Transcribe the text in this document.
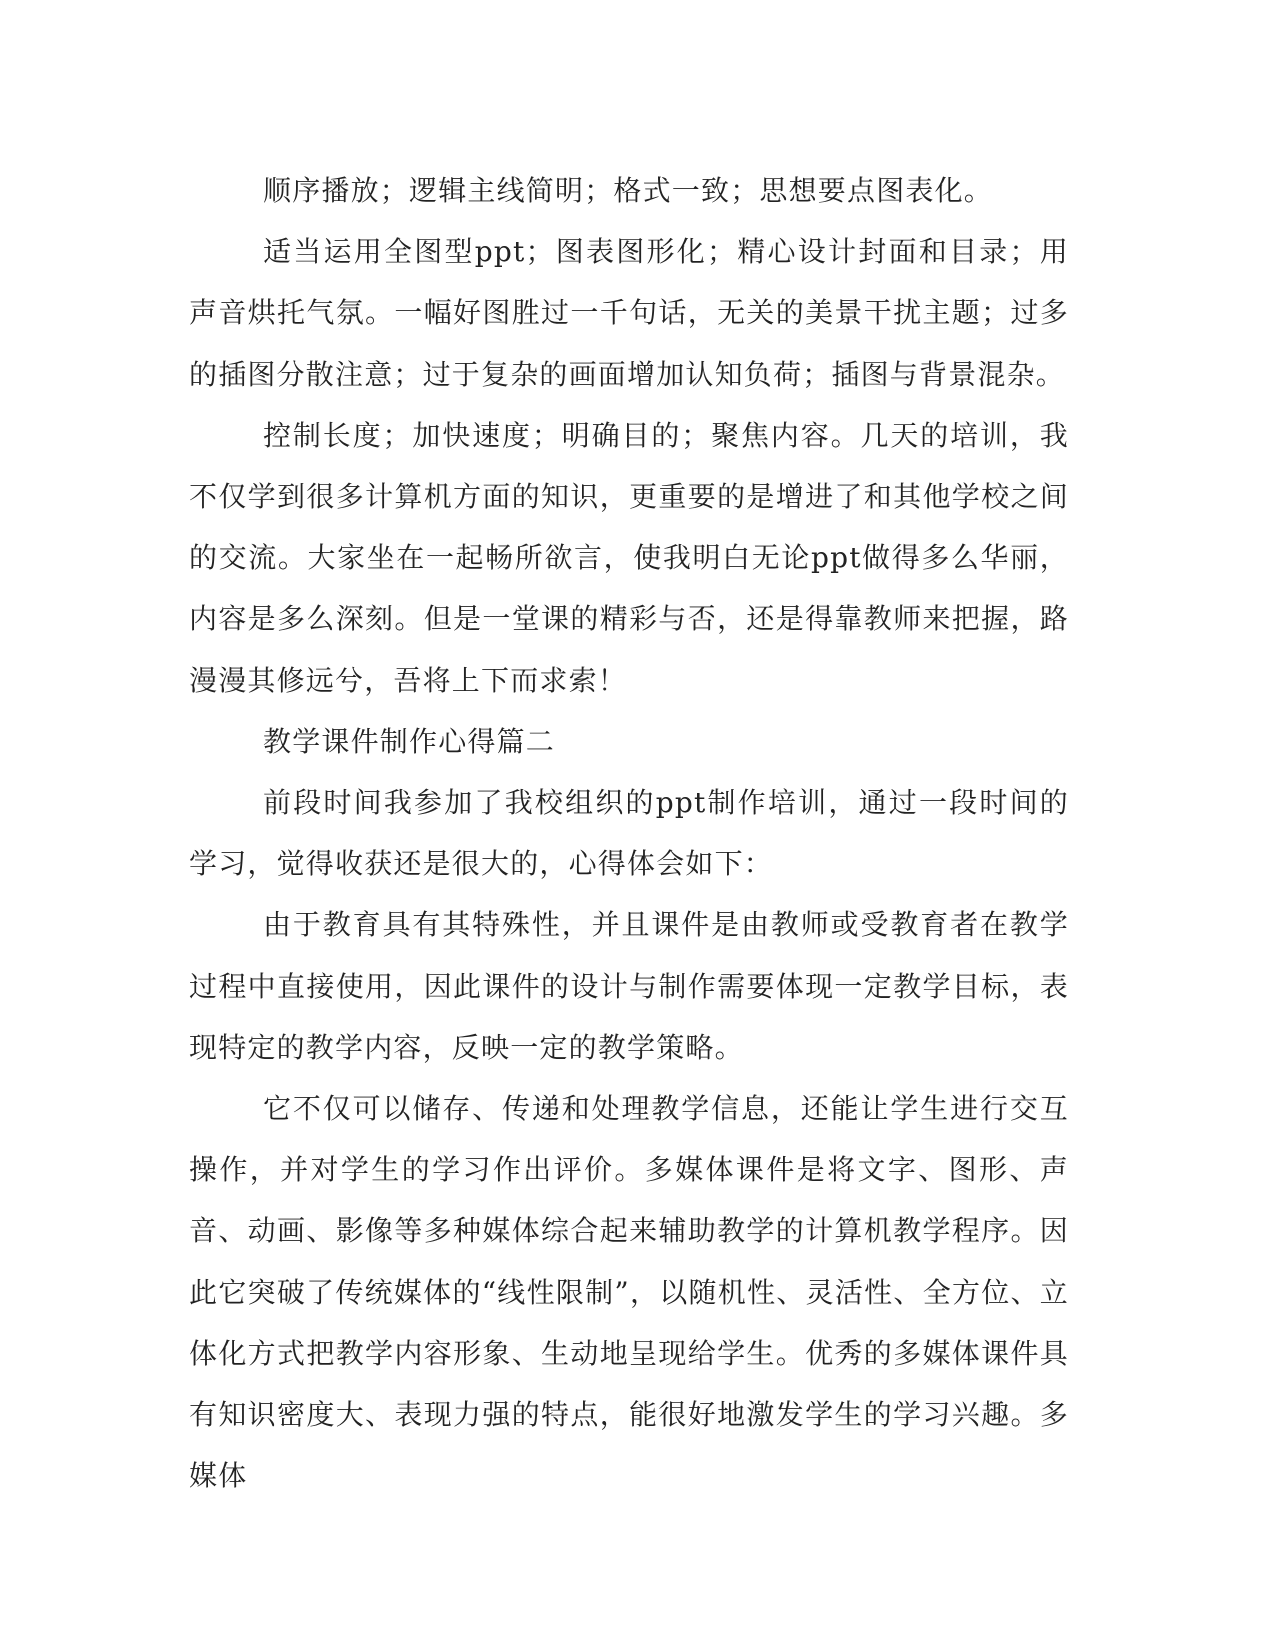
顺序播放；逻辑主线简明；格式一致；思想要点图表化。

适当运用全图型ppt；图表图形化；精心设计封面和目录；用声音烘托气氛。一幅好图胜过一千句话，无关的美景干扰主题；过多的插图分散注意；过于复杂的画面增加认知负荷；插图与背景混杂。

控制长度；加快速度；明确目的；聚焦内容。几天的培训，我不仅学到很多计算机方面的知识，更重要的是增进了和其他学校之间的交流。大家坐在一起畅所欲言，使我明白无论ppt做得多么华丽，内容是多么深刻。但是一堂课的精彩与否，还是得靠教师来把握，路漫漫其修远兮，吾将上下而求索！

教学课件制作心得篇二

前段时间我参加了我校组织的ppt制作培训，通过一段时间的学习，觉得收获还是很大的，心得体会如下：

由于教育具有其特殊性，并且课件是由教师或受教育者在教学过程中直接使用，因此课件的设计与制作需要体现一定教学目标，表现特定的教学内容，反映一定的教学策略。

它不仅可以储存、传递和处理教学信息，还能让学生进行交互操作，并对学生的学习作出评价。多媒体课件是将文字、图形、声音、动画、影像等多种媒体综合起来辅助教学的计算机教学程序。因此它突破了传统媒体的“线性限制”，以随机性、灵活性、全方位、立体化方式把教学内容形象、生动地呈现给学生。优秀的多媒体课件具有知识密度大、表现力强的特点，能很好地激发学生的学习兴趣。多媒体
